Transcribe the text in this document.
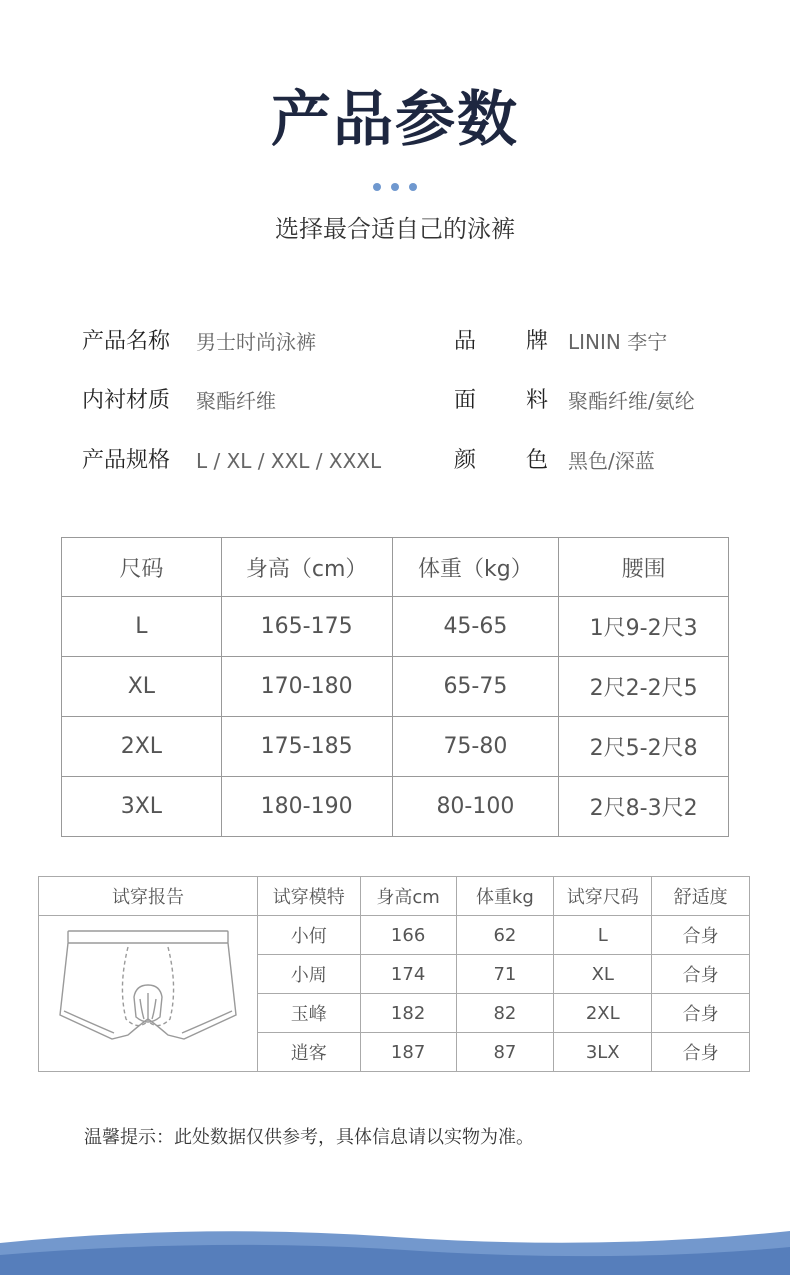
产品参数
选择最合适自己的泳裤
产品名称 男士时尚泳裤	品 牌 LININ 李宁
内衬材质 聚酯纤维	面 料 聚酯纤维/氨纶
产品规格 L / XL / XXL / XXXL	颜 色 黑色/深蓝
尺码	身高（cm）	体重（kg）	腰围
L	165-175	45-65	1尺9-2尺3
XL	170-180	65-75	2尺2-2尺5
2XL	175-185	75-80	2尺5-2尺8
3XL	180-190	80-100	2尺8-3尺2
试穿报告	试穿模特	身高cm	体重kg	试穿尺码	舒适度
	小何	166	62	L	合身
	小周	174	71	XL	合身
	玉峰	182	82	2XL	合身
	逍客	187	87	3LX	合身
温馨提示：此处数据仅供参考，具体信息请以实物为准。
